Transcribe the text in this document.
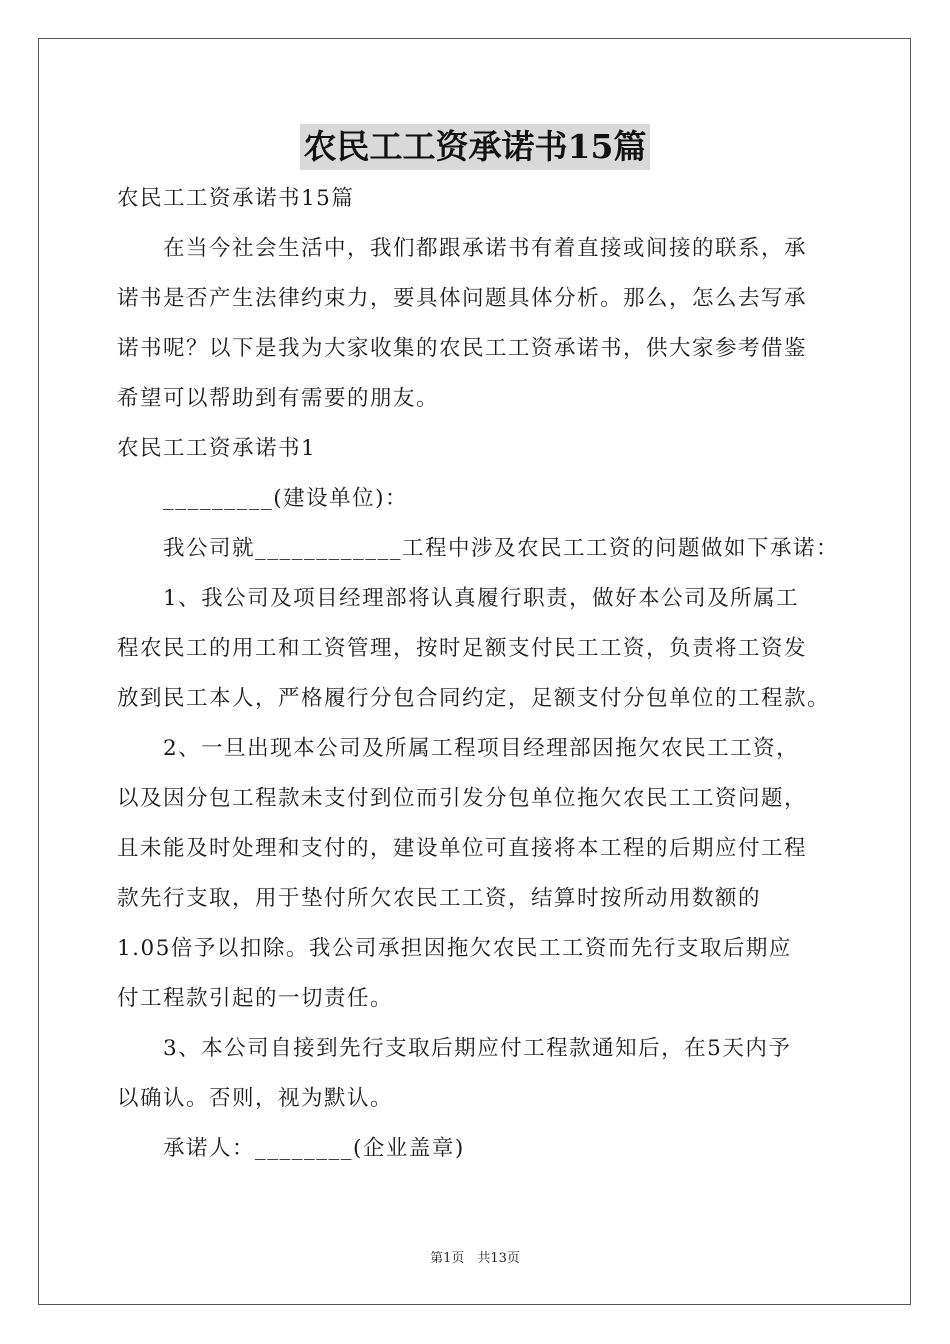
农民工工资承诺书15篇
农民工工资承诺书15篇
　　在当今社会生活中，我们都跟承诺书有着直接或间接的联系，承
诺书是否产生法律约束力，要具体问题具体分析。那么，怎么去写承
诺书呢？以下是我为大家收集的农民工工资承诺书，供大家参考借鉴
希望可以帮助到有需要的朋友。
农民工工资承诺书1
　　_________(建设单位)：
　　我公司就____________工程中涉及农民工工资的问题做如下承诺：
　　1、我公司及项目经理部将认真履行职责，做好本公司及所属工
程农民工的用工和工资管理，按时足额支付民工工资，负责将工资发
放到民工本人，严格履行分包合同约定，足额支付分包单位的工程款。
　　2、一旦出现本公司及所属工程项目经理部因拖欠农民工工资，
以及因分包工程款未支付到位而引发分包单位拖欠农民工工资问题，
且未能及时处理和支付的，建设单位可直接将本工程的后期应付工程
款先行支取，用于垫付所欠农民工工资，结算时按所动用数额的
1.05倍予以扣除。我公司承担因拖欠农民工工资而先行支取后期应
付工程款引起的一切责任。
　　3、本公司自接到先行支取后期应付工程款通知后，在5天内予
以确认。否则，视为默认。
　　承诺人：________(企业盖章)
第1页　共13页
